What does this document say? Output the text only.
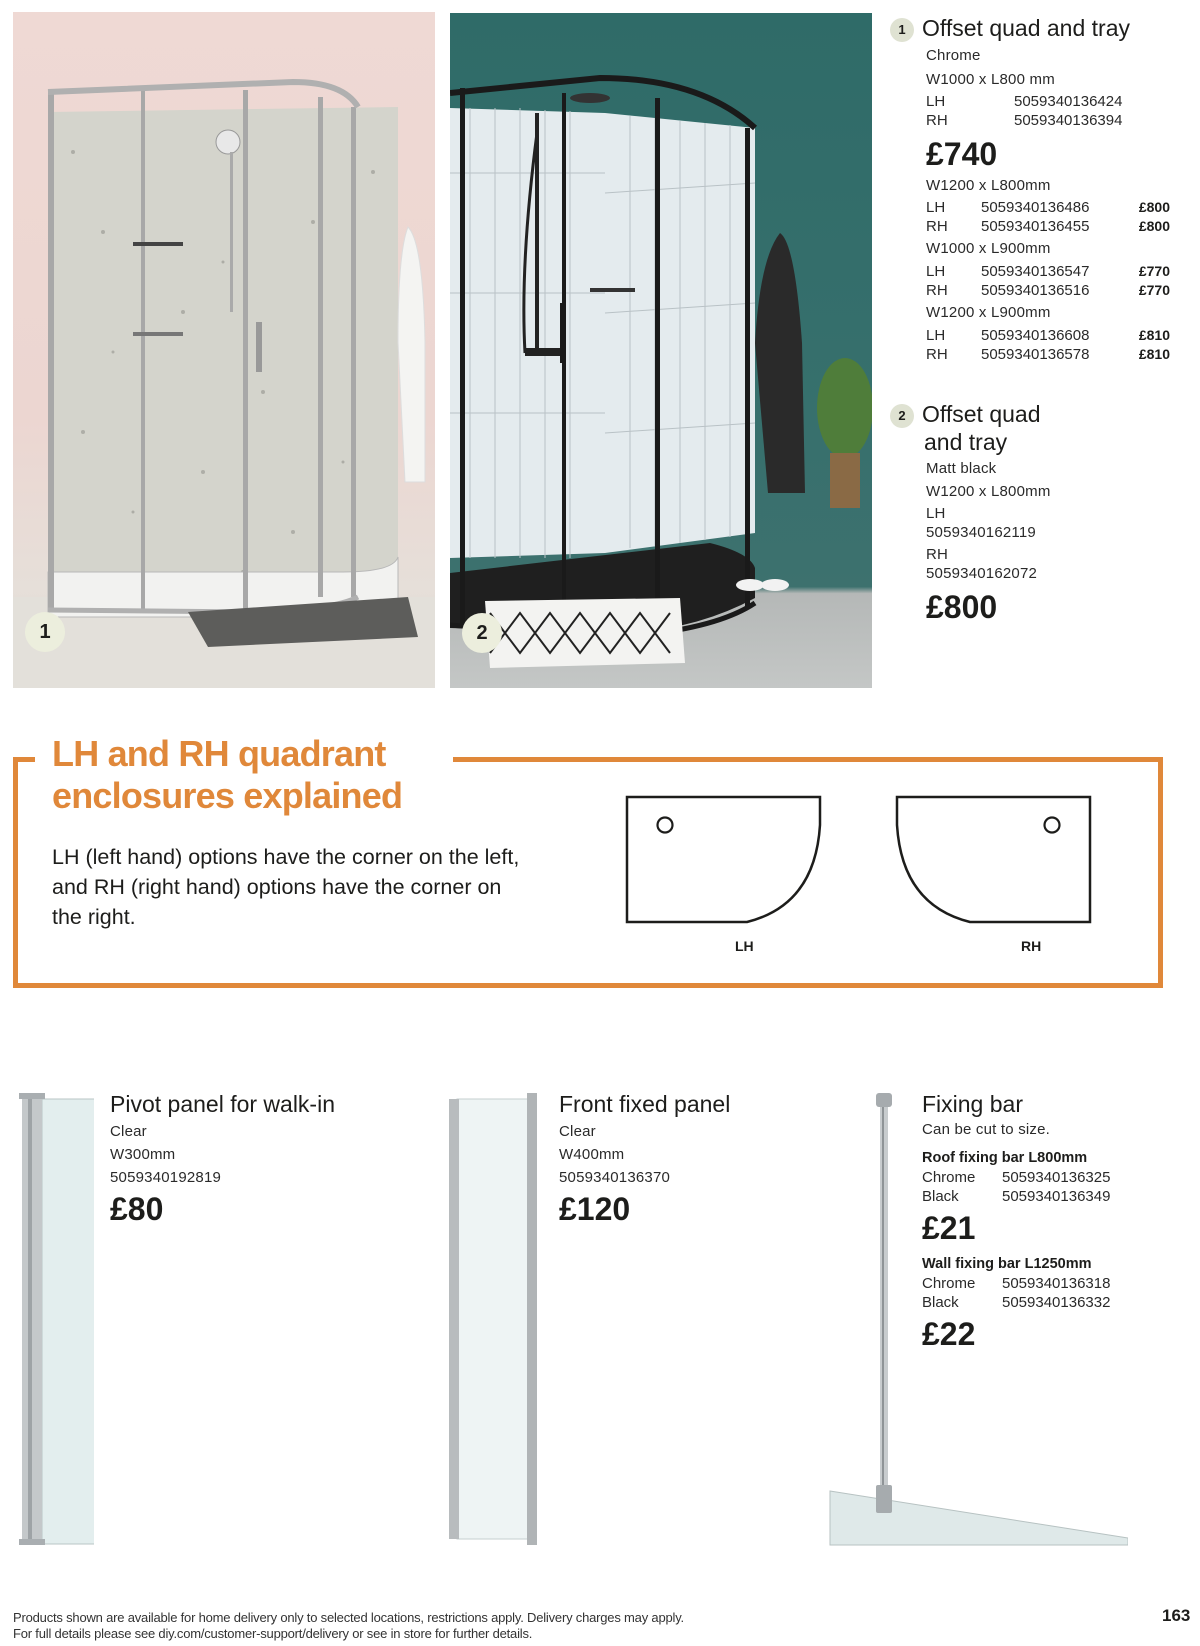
1	2
1 Offset quad and tray
Chrome
W1000 x L800 mm
LH	5059340136424
RH	5059340136394
£740
W1200 x L800mm
LH	5059340136486	£800
RH	5059340136455	£800
W1000 x L900mm
LH	5059340136547	£770
RH	5059340136516	£770
W1200 x L900mm
LH	5059340136608	£810
RH	5059340136578	£810
2 Offset quad
and tray
Matt black
W1200 x L800mm
LH
5059340162119
RH
5059340162072
£800
LH and RH quadrant
enclosures explained
LH (left hand) options have the corner on the left, and RH (right hand) options have the corner on the right.
LH	RH
Pivot panel for walk-in
Clear
W300mm
5059340192819
£80
Front fixed panel
Clear
W400mm
5059340136370
£120
Fixing bar
Can be cut to size.
Roof fixing bar L800mm
Chrome	5059340136325
Black	5059340136349
£21
Wall fixing bar L1250mm
Chrome	5059340136318
Black	5059340136332
£22
Products shown are available for home delivery only to selected locations, restrictions apply. Delivery charges may apply.
For full details please see diy.com/customer-support/delivery or see in store for further details.
163
